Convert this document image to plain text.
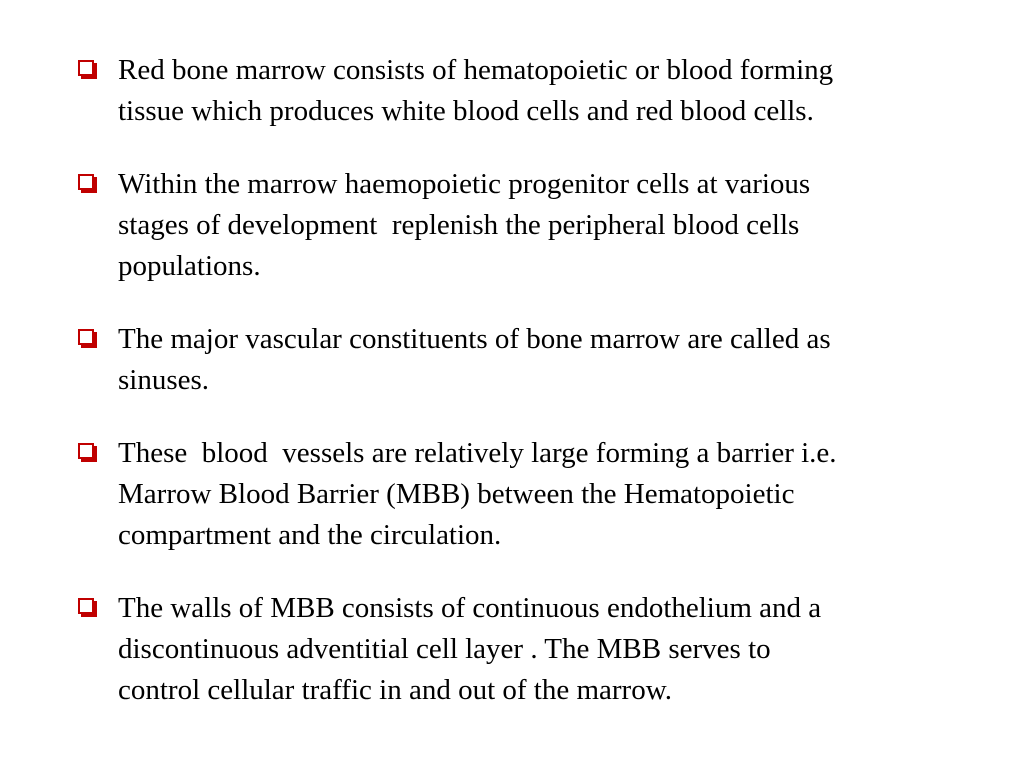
Red bone marrow consists of hematopoietic or blood forming
tissue which produces white blood cells and red blood cells.
Within the marrow haemopoietic progenitor cells at various
stages of development  replenish the peripheral blood cells
populations.
The major vascular constituents of bone marrow are called as
sinuses.
These  blood  vessels are relatively large forming a barrier i.e.
Marrow Blood Barrier (MBB) between the Hematopoietic
compartment and the circulation.
The walls of MBB consists of continuous endothelium and a
discontinuous adventitial cell layer . The MBB serves to
control cellular traffic in and out of the marrow.
